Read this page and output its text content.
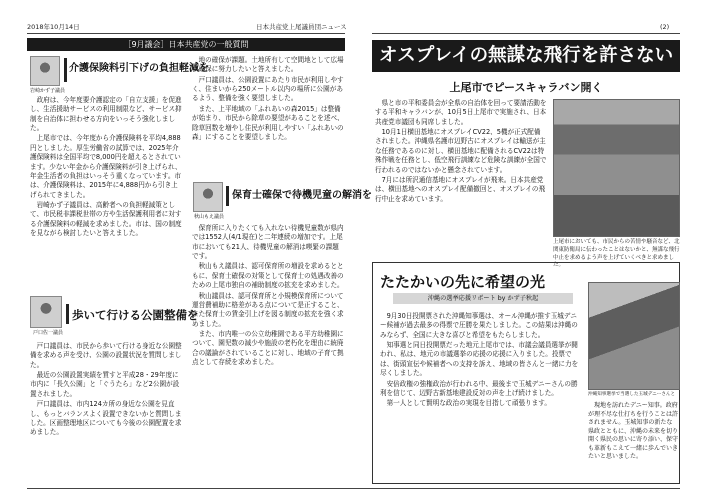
2018年10月14日	日本共産党上尾議員団ニュース	(2)
［9月議会］日本共産党の一般質問
岩崎かず子議員
介護保険料引下げの負担軽減を

政府は、今年度要介護認定の「自立支援」を促進し、生活援助サービスの利用制限など、サービス抑制を自治体に担わせる方向をいっそう強化しました。

上尾市では、今年度から介護保険料を平均4,888円としました。厚生労働省の試算では、2025年介護保険料は全国平均で8,000円を超えるとされています。少ない年金から介護保険料が引き上げられ、年金生活者の負担はいっそう重くなっています。市は、介護保険料は、2015年に4,888円から引き上げられてきました。

岩崎かず子議員は、高齢者への負担軽減策として、市民税非課税世帯の方や生活保護利用者に対する介護保険料の軽減を求めました。市は、国の制度を見ながら検討したいと答えました。

戸口佐一議員
歩いて行ける公園整備を

戸口議員は、市民から歩いて行ける身近な公園整備を求める声を受け、公園の設置状況を質問しました。

最近の公園設置実績を質すと平成28・29年度に市内に「長久公園」と「ぐうたら」など2公園が設置されました。

戸口議員は、市内124カ所の身近な公園を見直し、もっとバランスよく設置できないかと質問しました。区画整理地区についても今後の公園配置を求めました。

地の確保が課題。土地所有して空間地として広場の確保に努力したいと答えました。

戸口議員は、公園設置にあたり市民が利用しやすく、住まいから250メートル以内の場所に公園があるよう、整備を強く要望しました。

また、上平地域の「ふれあいの森2015」は整備が始まり、市民から除草の要望があることを述べ、除草回数を増やし住民が利用しやすい「ふれあいの森」にすることを要望しました。

秋山もえ議員
保育士確保で待機児童の解消を

保育所に入りたくても入れない待機児童数が県内では1552人(4/1現在)と二年連続の増加です。上尾市においても21人、待機児童の解消は喫緊の課題です。

秋山もえ議員は、認可保育所の増設を求めるとともに、保育士確保の対策として保育士の処遇改善のための上尾市独自の補助制度の拡充を求めました。

秋山議員は、認可保育所と小規模保育所について運営費補助に格差がある点について是正すること、また保育士の賃金引上げを図る制度の拡充を強く求めました。

また、市内唯一の公立幼稚園である平方幼稚園について、園児数の減少や施設の老朽化を理由に統廃合の議論がされていることに対し、地域の子育て拠点として存続を求めました。

オスプレイの無謀な飛行を許さない
上尾市でピースキャラバン開く

県と市の平和委員会が全県の自治体を回って要請活動をする平和キャラバンが、10月5日上尾市で実施され、日本共産党市議団も同席しました。

10月1日横田基地にオスプレイCV22、5機が正式配備されました。沖縄県名護市辺野古にオスプレイは輸送が主な任務であるのに対し、横田基地に配備されるCV22は特殊作戦を任務とし、低空飛行訓練など危険な訓練が全国で行われるのではないかと懸念されています。

7月には所沢通信基地にオスプレイが飛来。日本共産党は、横田基地へのオスプレイ配備撤回と、オスプレイの飛行中止を求めています。

上尾市においても、市民からの苦情や騒音など、北関東防衛局に伝わったことはないかと、無謀な飛行中止を求めるよう声を上げていくべきと求めました。

たたかいの先に希望の光
沖縄の選挙応援リポート by かず子秋起

9月30日投開票された沖縄知事選は、オール沖縄が推す玉城デニー候補が過去最多の得票で圧勝を果たしました。この結果は沖縄のみならず、全国に大きな喜びと希望をもたらしました。

知事選と同日投開票だった地元上尾市では、市議会議員選挙が闘われ、私は、地元の市議選挙の応援の応援に入りました。投票では、街頭宣伝や候補者への支持を訴え、地域の皆さんと一緒に力を尽くしました。

安倍政権の強権政治が行われる中、最後まで玉城デニーさんの勝利を信じて、辺野古新基地建設反対の声を上げ続けました。

第一人として賢明な政治の実現を目指して頑張ります。

沖縄知事選挙で当選した玉城デニーさんと

現地を訪れたデニー知事。政府が理不尽な仕打ちを行うことは許されません。玉城知事の新たな県政とともに、沖縄の未来を切り開く県民の思いに寄り添い、保守も革新もこえて一緒に歩んでいきたいと思いました。
